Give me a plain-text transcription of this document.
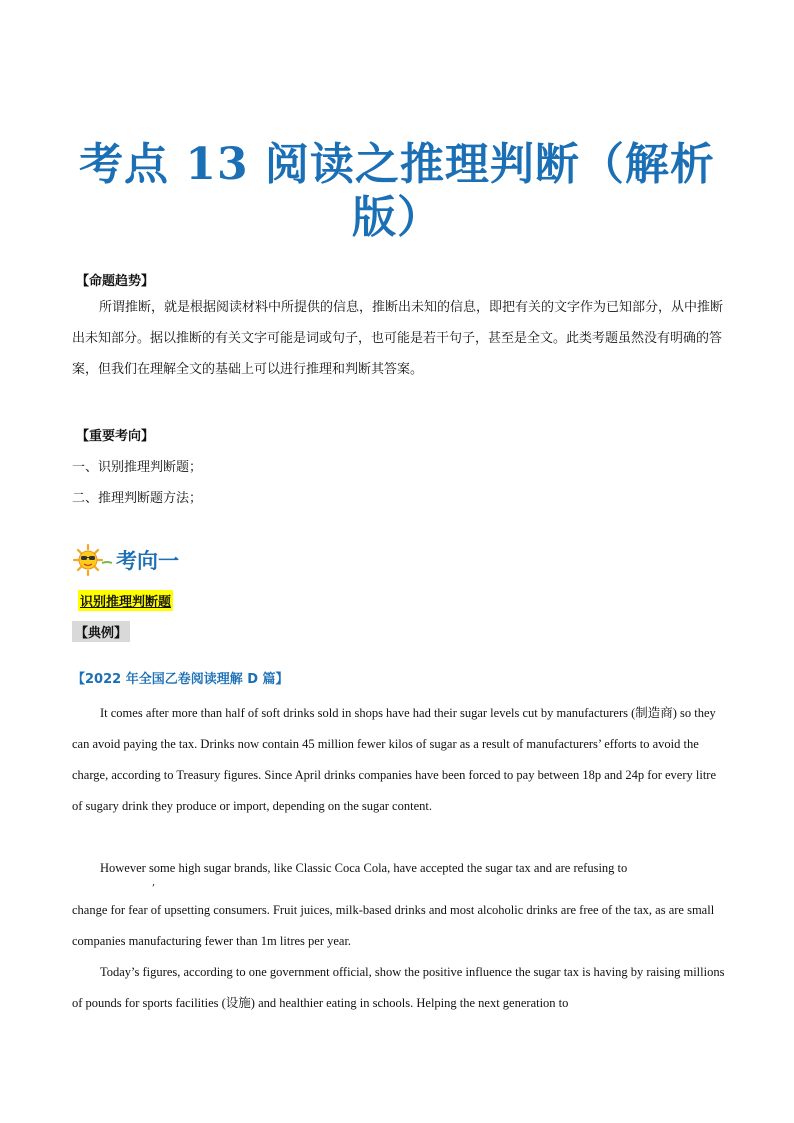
考点 13 阅读之推理判断（解析版）
【命题趋势】
所谓推断，就是根据阅读材料中所提供的信息，推断出未知的信息，即把有关的文字作为已知部分，从中推断出未知部分。据以推断的有关文字可能是词或句子，也可能是若干句子，甚至是全文。此类考题虽然没有明确的答案，但我们在理解全文的基础上可以进行推理和判断其答案。
【重要考向】
一、识别推理判断题；
二、推理判断题方法；
考向一
识别推理判断题
【典例】
【2022 年全国乙卷阅读理解 D 篇】
It comes after more than half of soft drinks sold in shops have had their sugar levels cut by manufacturers (制造商) so they can avoid paying the tax. Drinks now contain 45 million fewer kilos of sugar as a result of manufacturers’ efforts to avoid the charge, according to Treasury figures. Since April drinks companies have been forced to pay between 18p and 24p for every litre of sugary drink they produce or import, depending on the sugar content.
However some high sugar brands, like Classic Coca Cola, have accepted the sugar tax and are refusing to
,
change for fear of upsetting consumers. Fruit juices, milk-based drinks and most alcoholic drinks are free of the tax, as are small companies manufacturing fewer than 1m litres per year.
Today’s figures, according to one government official, show the positive influence the sugar tax is having by raising millions of pounds for sports facilities (设施) and healthier eating in schools. Helping the next generation to
